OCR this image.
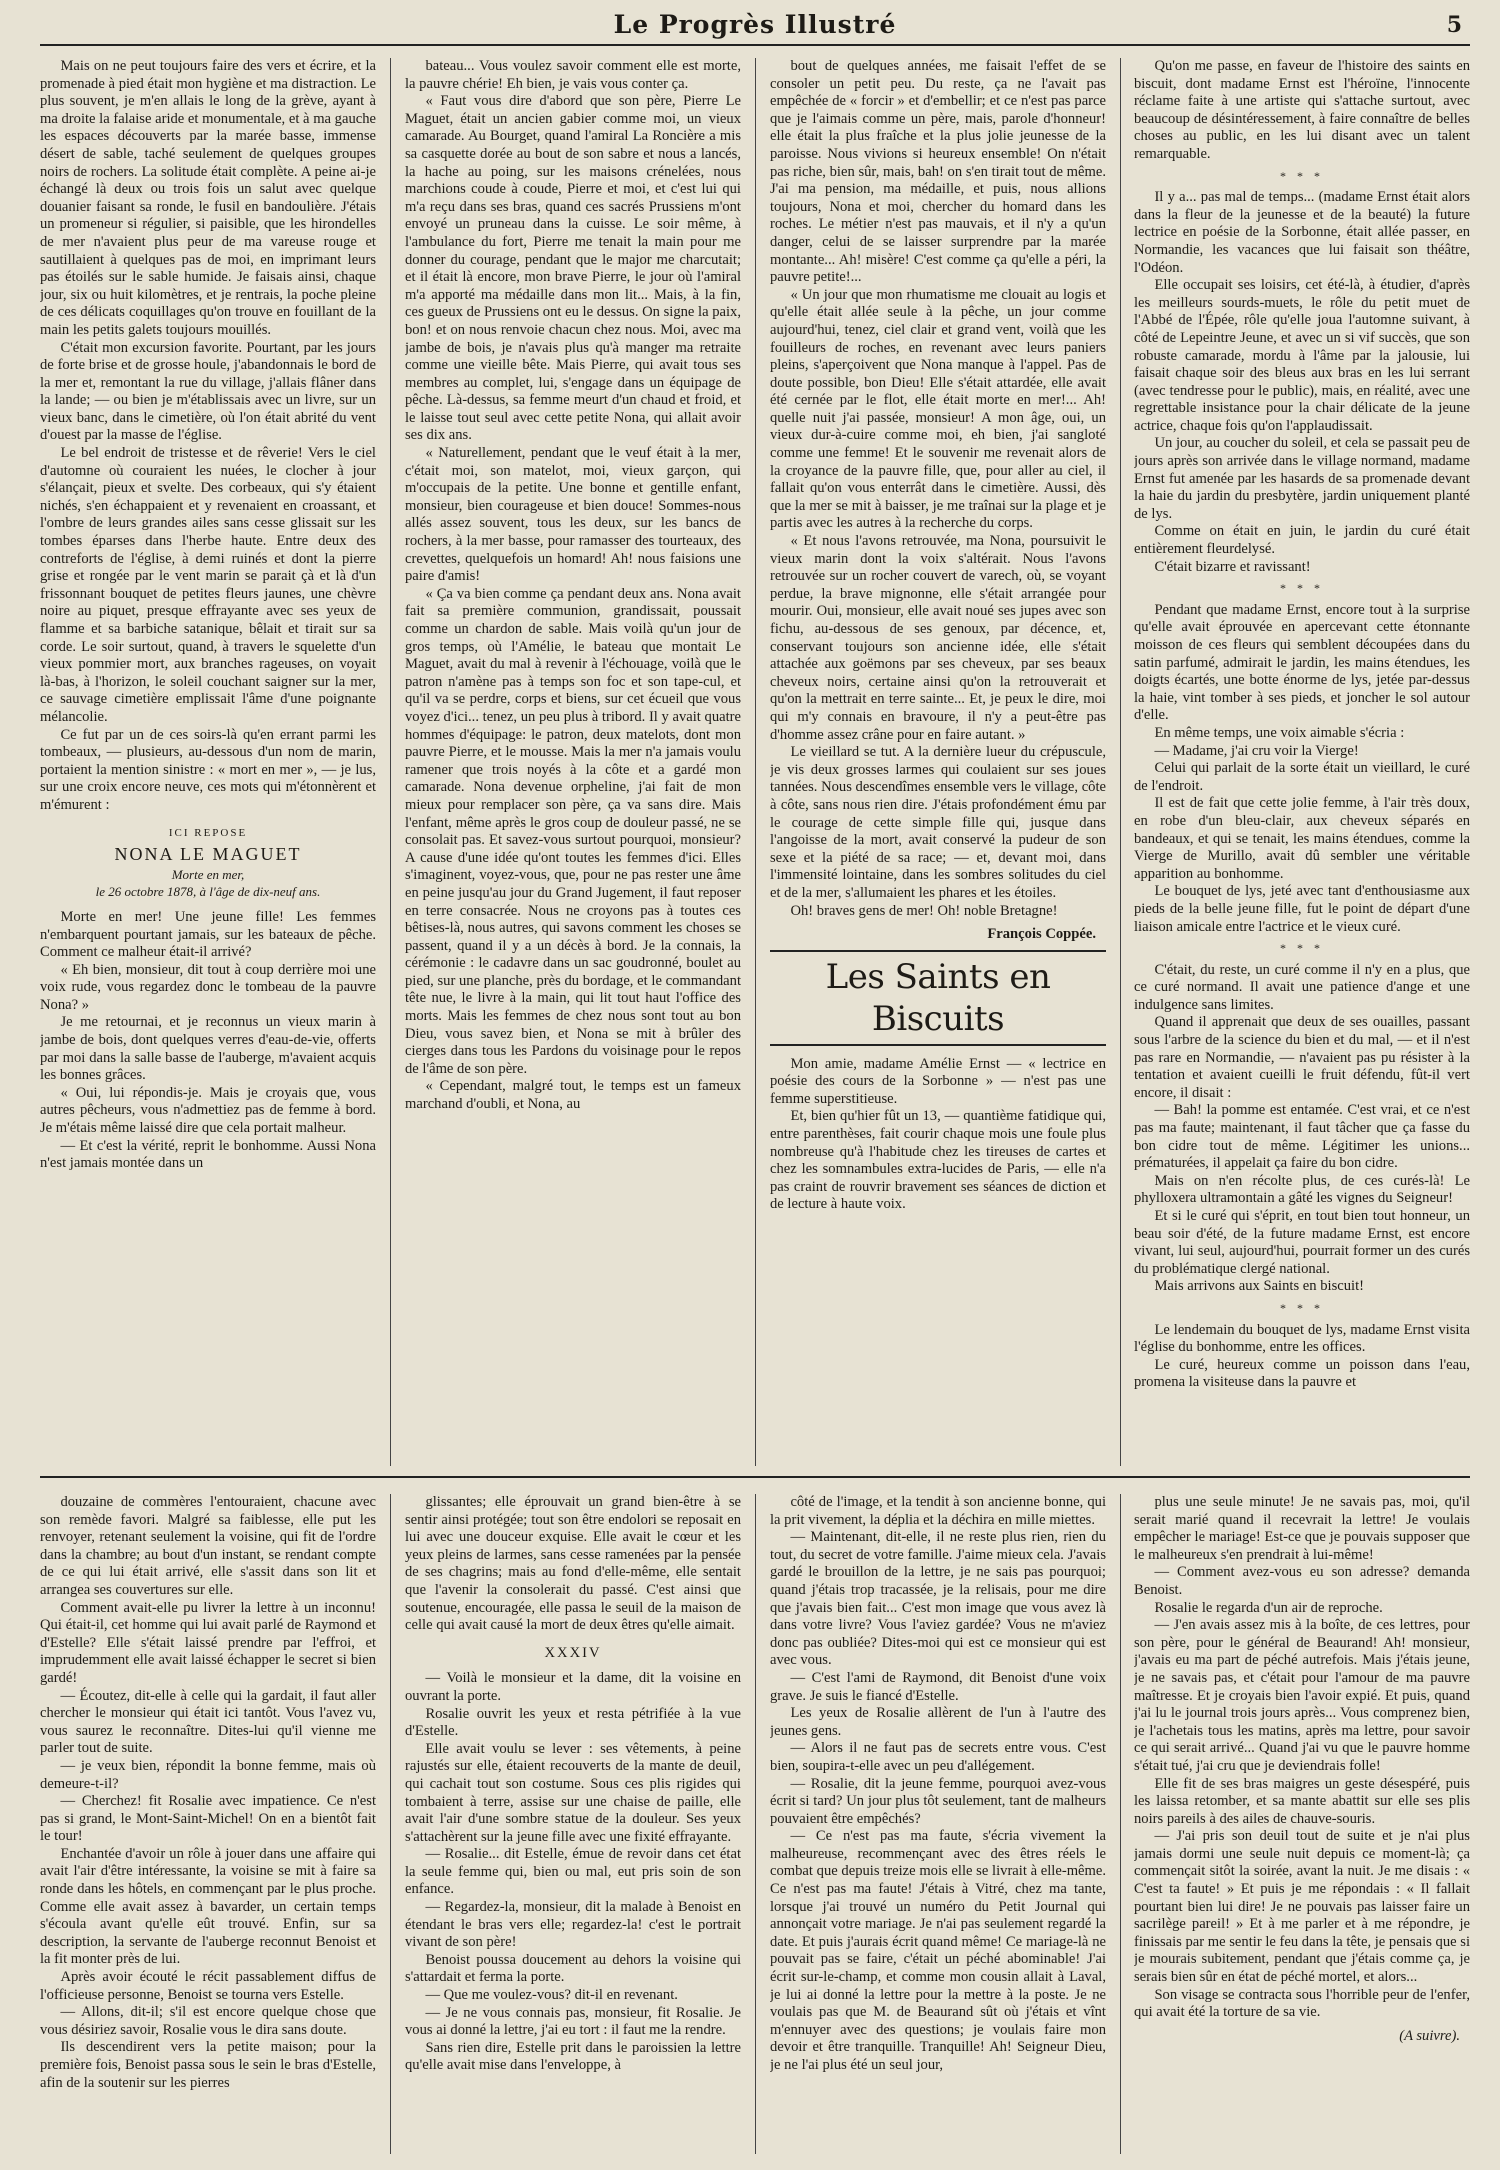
Le Progrès Illustré	5

Mais on ne peut toujours faire des vers et écrire, et la promenade à pied était mon hygiène et ma distraction. Le plus souvent, je m'en allais le long de la grève, ayant à ma droite la falaise aride et monumentale, et à ma gauche les espaces découverts par la marée basse, immense désert de sable, taché seulement de quelques groupes noirs de rochers. La solitude était complète. A peine ai-je échangé là deux ou trois fois un salut avec quelque douanier faisant sa ronde, le fusil en bandoulière. J'étais un promeneur si régulier, si paisible, que les hirondelles de mer n'avaient plus peur de ma vareuse rouge et sautillaient à quelques pas de moi, en imprimant leurs pas étoilés sur le sable humide. Je faisais ainsi, chaque jour, six ou huit kilomètres, et je rentrais, la poche pleine de ces délicats coquillages qu'on trouve en fouillant de la main les petits galets toujours mouillés.

C'était mon excursion favorite. Pourtant, par les jours de forte brise et de grosse houle, j'abandonnais le bord de la mer et, remontant la rue du village, j'allais flâner dans la lande; — ou bien je m'établissais avec un livre, sur un vieux banc, dans le cimetière, où l'on était abrité du vent d'ouest par la masse de l'église.

Le bel endroit de tristesse et de rêverie! Vers le ciel d'automne où couraient les nuées, le clocher à jour s'élançait, pieux et svelte. Des corbeaux, qui s'y étaient nichés, s'en échappaient et y revenaient en croassant, et l'ombre de leurs grandes ailes sans cesse glissait sur les tombes éparses dans l'herbe haute. Entre deux des contreforts de l'église, à demi ruinés et dont la pierre grise et rongée par le vent marin se parait çà et là d'un frissonnant bouquet de petites fleurs jaunes, une chèvre noire au piquet, presque effrayante avec ses yeux de flamme et sa barbiche satanique, bêlait et tirait sur sa corde. Le soir surtout, quand, à travers le squelette d'un vieux pommier mort, aux branches rageuses, on voyait là-bas, à l'horizon, le soleil couchant saigner sur la mer, ce sauvage cimetière emplissait l'âme d'une poignante mélancolie.

Ce fut par un de ces soirs-là qu'en errant parmi les tombeaux, — plusieurs, au-dessous d'un nom de marin, portaient la mention sinistre : « mort en mer », — je lus, sur une croix encore neuve, ces mots qui m'étonnèrent et m'émurent :

ICI REPOSE
NONA LE MAGUET
Morte en mer,
le 26 octobre 1878, à l'âge de dix-neuf ans.

Morte en mer! Une jeune fille! Les femmes n'embarquent pourtant jamais, sur les bateaux de pêche. Comment ce malheur était-il arrivé?

« Eh bien, monsieur, dit tout à coup derrière moi une voix rude, vous regardez donc le tombeau de la pauvre Nona? »

Je me retournai, et je reconnus un vieux marin à jambe de bois, dont quelques verres d'eau-de-vie, offerts par moi dans la salle basse de l'auberge, m'avaient acquis les bonnes grâces.

« Oui, lui répondis-je. Mais je croyais que, vous autres pêcheurs, vous n'admettiez pas de femme à bord. Je m'étais même laissé dire que cela portait malheur.

— Et c'est la vérité, reprit le bonhomme. Aussi Nona n'est jamais montée dans un

bateau... Vous voulez savoir comment elle est morte, la pauvre chérie! Eh bien, je vais vous conter ça.

« Faut vous dire d'abord que son père, Pierre Le Maguet, était un ancien gabier comme moi, un vieux camarade. Au Bourget, quand l'amiral La Roncière a mis sa casquette dorée au bout de son sabre et nous a lancés, la hache au poing, sur les maisons crénelées, nous marchions coude à coude, Pierre et moi, et c'est lui qui m'a reçu dans ses bras, quand ces sacrés Prussiens m'ont envoyé un pruneau dans la cuisse. Le soir même, à l'ambulance du fort, Pierre me tenait la main pour me donner du courage, pendant que le major me charcutait; et il était là encore, mon brave Pierre, le jour où l'amiral m'a apporté ma médaille dans mon lit... Mais, à la fin, ces gueux de Prussiens ont eu le dessus. On signe la paix, bon! et on nous renvoie chacun chez nous. Moi, avec ma jambe de bois, je n'avais plus qu'à manger ma retraite comme une vieille bête. Mais Pierre, qui avait tous ses membres au complet, lui, s'engage dans un équipage de pêche. Là-dessus, sa femme meurt d'un chaud et froid, et le laisse tout seul avec cette petite Nona, qui allait avoir ses dix ans.

« Naturellement, pendant que le veuf était à la mer, c'était moi, son matelot, moi, vieux garçon, qui m'occupais de la petite. Une bonne et gentille enfant, monsieur, bien courageuse et bien douce! Sommes-nous allés assez souvent, tous les deux, sur les bancs de rochers, à la mer basse, pour ramasser des tourteaux, des crevettes, quelquefois un homard! Ah! nous faisions une paire d'amis!

« Ça va bien comme ça pendant deux ans. Nona avait fait sa première communion, grandissait, poussait comme un chardon de sable. Mais voilà qu'un jour de gros temps, où l'Amélie, le bateau que montait Le Maguet, avait du mal à revenir à l'échouage, voilà que le patron n'amène pas à temps son foc et son tape-cul, et qu'il va se perdre, corps et biens, sur cet écueil que vous voyez d'ici... tenez, un peu plus à tribord. Il y avait quatre hommes d'équipage: le patron, deux matelots, dont mon pauvre Pierre, et le mousse. Mais la mer n'a jamais voulu ramener que trois noyés à la côte et a gardé mon camarade. Nona devenue orpheline, j'ai fait de mon mieux pour remplacer son père, ça va sans dire. Mais l'enfant, même après le gros coup de douleur passé, ne se consolait pas. Et savez-vous surtout pourquoi, monsieur? A cause d'une idée qu'ont toutes les femmes d'ici. Elles s'imaginent, voyez-vous, que, pour ne pas rester une âme en peine jusqu'au jour du Grand Jugement, il faut reposer en terre consacrée. Nous ne croyons pas à toutes ces bêtises-là, nous autres, qui savons comment les choses se passent, quand il y a un décès à bord. Je la connais, la cérémonie : le cadavre dans un sac goudronné, boulet au pied, sur une planche, près du bordage, et le commandant tête nue, le livre à la main, qui lit tout haut l'office des morts. Mais les femmes de chez nous sont tout au bon Dieu, vous savez bien, et Nona se mit à brûler des cierges dans tous les Pardons du voisinage pour le repos de l'âme de son père.

« Cependant, malgré tout, le temps est un fameux marchand d'oubli, et Nona, au

bout de quelques années, me faisait l'effet de se consoler un petit peu. Du reste, ça ne l'avait pas empêchée de « forcir » et d'embellir; et ce n'est pas parce que je l'aimais comme un père, mais, parole d'honneur! elle était la plus fraîche et la plus jolie jeunesse de la paroisse. Nous vivions si heureux ensemble! On n'était pas riche, bien sûr, mais, bah! on s'en tirait tout de même. J'ai ma pension, ma médaille, et puis, nous allions toujours, Nona et moi, chercher du homard dans les roches. Le métier n'est pas mauvais, et il n'y a qu'un danger, celui de se laisser surprendre par la marée montante... Ah! misère! C'est comme ça qu'elle a péri, la pauvre petite!...

« Un jour que mon rhumatisme me clouait au logis et qu'elle était allée seule à la pêche, un jour comme aujourd'hui, tenez, ciel clair et grand vent, voilà que les fouilleurs de roches, en revenant avec leurs paniers pleins, s'aperçoivent que Nona manque à l'appel. Pas de doute possible, bon Dieu! Elle s'était attardée, elle avait été cernée par le flot, elle était morte en mer!... Ah! quelle nuit j'ai passée, monsieur! A mon âge, oui, un vieux dur-à-cuire comme moi, eh bien, j'ai sangloté comme une femme! Et le souvenir me revenait alors de la croyance de la pauvre fille, que, pour aller au ciel, il fallait qu'on vous enterrât dans le cimetière. Aussi, dès que la mer se mit à baisser, je me traînai sur la plage et je partis avec les autres à la recherche du corps.

« Et nous l'avons retrouvée, ma Nona, poursuivit le vieux marin dont la voix s'altérait. Nous l'avons retrouvée sur un rocher couvert de varech, où, se voyant perdue, la brave mignonne, elle s'était arrangée pour mourir. Oui, monsieur, elle avait noué ses jupes avec son fichu, au-dessous de ses genoux, par décence, et, conservant toujours son ancienne idée, elle s'était attachée aux goëmons par ses cheveux, par ses beaux cheveux noirs, certaine ainsi qu'on la retrouverait et qu'on la mettrait en terre sainte... Et, je peux le dire, moi qui m'y connais en bravoure, il n'y a peut-être pas d'homme assez crâne pour en faire autant. »

Le vieillard se tut. A la dernière lueur du crépuscule, je vis deux grosses larmes qui coulaient sur ses joues tannées. Nous descendîmes ensemble vers le village, côte à côte, sans nous rien dire. J'étais profondément ému par le courage de cette simple fille qui, jusque dans l'angoisse de la mort, avait conservé la pudeur de son sexe et la piété de sa race; — et, devant moi, dans l'immensité lointaine, dans les sombres solitudes du ciel et de la mer, s'allumaient les phares et les étoiles.

Oh! braves gens de mer! Oh! noble Bretagne!

François Coppée.
Les Saints en Biscuits

Mon amie, madame Amélie Ernst — « lectrice en poésie des cours de la Sorbonne » — n'est pas une femme superstitieuse.

Et, bien qu'hier fût un 13, — quantième fatidique qui, entre parenthèses, fait courir chaque mois une foule plus nombreuse qu'à l'habitude chez les tireuses de cartes et chez les somnambules extra-lucides de Paris, — elle n'a pas craint de rouvrir bravement ses séances de diction et de lecture à haute voix.

Qu'on me passe, en faveur de l'histoire des saints en biscuit, dont madame Ernst est l'héroïne, l'innocente réclame faite à une artiste qui s'attache surtout, avec beaucoup de désintéressement, à faire connaître de belles choses au public, en les lui disant avec un talent remarquable.

* * *

Il y a... pas mal de temps... (madame Ernst était alors dans la fleur de la jeunesse et de la beauté) la future lectrice en poésie de la Sorbonne, était allée passer, en Normandie, les vacances que lui faisait son théâtre, l'Odéon.

Elle occupait ses loisirs, cet été-là, à étudier, d'après les meilleurs sourds-muets, le rôle du petit muet de l'Abbé de l'Épée, rôle qu'elle joua l'automne suivant, à côté de Lepeintre Jeune, et avec un si vif succès, que son robuste camarade, mordu à l'âme par la jalousie, lui faisait chaque soir des bleus aux bras en les lui serrant (avec tendresse pour le public), mais, en réalité, avec une regrettable insistance pour la chair délicate de la jeune actrice, chaque fois qu'on l'applaudissait.

Un jour, au coucher du soleil, et cela se passait peu de jours après son arrivée dans le village normand, madame Ernst fut amenée par les hasards de sa promenade devant la haie du jardin du presbytère, jardin uniquement planté de lys.

Comme on était en juin, le jardin du curé était entièrement fleurdelysé.

C'était bizarre et ravissant!

* * *

Pendant que madame Ernst, encore tout à la surprise qu'elle avait éprouvée en apercevant cette étonnante moisson de ces fleurs qui semblent découpées dans du satin parfumé, admirait le jardin, les mains étendues, les doigts écartés, une botte énorme de lys, jetée par-dessus la haie, vint tomber à ses pieds, et joncher le sol autour d'elle.

En même temps, une voix aimable s'écria :

— Madame, j'ai cru voir la Vierge!

Celui qui parlait de la sorte était un vieillard, le curé de l'endroit.

Il est de fait que cette jolie femme, à l'air très doux, en robe d'un bleu-clair, aux cheveux séparés en bandeaux, et qui se tenait, les mains étendues, comme la Vierge de Murillo, avait dû sembler une véritable apparition au bonhomme.

Le bouquet de lys, jeté avec tant d'enthousiasme aux pieds de la belle jeune fille, fut le point de départ d'une liaison amicale entre l'actrice et le vieux curé.

* * *

C'était, du reste, un curé comme il n'y en a plus, que ce curé normand. Il avait une patience d'ange et une indulgence sans limites.

Quand il apprenait que deux de ses ouailles, passant sous l'arbre de la science du bien et du mal, — et il n'est pas rare en Normandie, — n'avaient pas pu résister à la tentation et avaient cueilli le fruit défendu, fût-il vert encore, il disait :

— Bah! la pomme est entamée. C'est vrai, et ce n'est pas ma faute; maintenant, il faut tâcher que ça fasse du bon cidre tout de même. Légitimer les unions... prématurées, il appelait ça faire du bon cidre.

Mais on n'en récolte plus, de ces curés-là! Le phylloxera ultramontain a gâté les vignes du Seigneur!

Et si le curé qui s'éprit, en tout bien tout honneur, un beau soir d'été, de la future madame Ernst, est encore vivant, lui seul, aujourd'hui, pourrait former un des curés du problématique clergé national.

Mais arrivons aux Saints en biscuit!

* * *

Le lendemain du bouquet de lys, madame Ernst visita l'église du bonhomme, entre les offices.

Le curé, heureux comme un poisson dans l'eau, promena la visiteuse dans la pauvre et

douzaine de commères l'entouraient, chacune avec son remède favori. Malgré sa faiblesse, elle put les renvoyer, retenant seulement la voisine, qui fit de l'ordre dans la chambre; au bout d'un instant, se rendant compte de ce qui lui était arrivé, elle s'assit dans son lit et arrangea ses couvertures sur elle.

Comment avait-elle pu livrer la lettre à un inconnu! Qui était-il, cet homme qui lui avait parlé de Raymond et d'Estelle? Elle s'était laissé prendre par l'effroi, et imprudemment elle avait laissé échapper le secret si bien gardé!

— Écoutez, dit-elle à celle qui la gardait, il faut aller chercher le monsieur qui était ici tantôt. Vous l'avez vu, vous saurez le reconnaître. Dites-lui qu'il vienne me parler tout de suite.

— je veux bien, répondit la bonne femme, mais où demeure-t-il?

— Cherchez! fit Rosalie avec impatience. Ce n'est pas si grand, le Mont-Saint-Michel! On en a bientôt fait le tour!

Enchantée d'avoir un rôle à jouer dans une affaire qui avait l'air d'être intéressante, la voisine se mit à faire sa ronde dans les hôtels, en commençant par le plus proche. Comme elle avait assez à bavarder, un certain temps s'écoula avant qu'elle eût trouvé. Enfin, sur sa description, la servante de l'auberge reconnut Benoist et la fit monter près de lui.

Après avoir écouté le récit passablement diffus de l'officieuse personne, Benoist se tourna vers Estelle.

— Allons, dit-il; s'il est encore quelque chose que vous désiriez savoir, Rosalie vous le dira sans doute.

Ils descendirent vers la petite maison; pour la première fois, Benoist passa sous le sein le bras d'Estelle, afin de la soutenir sur les pierres

glissantes; elle éprouvait un grand bien-être à se sentir ainsi protégée; tout son être endolori se reposait en lui avec une douceur exquise. Elle avait le cœur et les yeux pleins de larmes, sans cesse ramenées par la pensée de ses chagrins; mais au fond d'elle-même, elle sentait que l'avenir la consolerait du passé. C'est ainsi que soutenue, encouragée, elle passa le seuil de la maison de celle qui avait causé la mort de deux êtres qu'elle aimait.

XXXIV

— Voilà le monsieur et la dame, dit la voisine en ouvrant la porte.

Rosalie ouvrit les yeux et resta pétrifiée à la vue d'Estelle.

Elle avait voulu se lever : ses vêtements, à peine rajustés sur elle, étaient recouverts de la mante de deuil, qui cachait tout son costume. Sous ces plis rigides qui tombaient à terre, assise sur une chaise de paille, elle avait l'air d'une sombre statue de la douleur. Ses yeux s'attachèrent sur la jeune fille avec une fixité effrayante.

— Rosalie... dit Estelle, émue de revoir dans cet état la seule femme qui, bien ou mal, eut pris soin de son enfance.

— Regardez-la, monsieur, dit la malade à Benoist en étendant le bras vers elle; regardez-la! c'est le portrait vivant de son père!

Benoist poussa doucement au dehors la voisine qui s'attardait et ferma la porte.

— Que me voulez-vous? dit-il en revenant.

— Je ne vous connais pas, monsieur, fit Rosalie. Je vous ai donné la lettre, j'ai eu tort : il faut me la rendre.

Sans rien dire, Estelle prit dans le paroissien la lettre qu'elle avait mise dans l'enveloppe, à

côté de l'image, et la tendit à son ancienne bonne, qui la prit vivement, la déplia et la déchira en mille miettes.

— Maintenant, dit-elle, il ne reste plus rien, rien du tout, du secret de votre famille. J'aime mieux cela. J'avais gardé le brouillon de la lettre, je ne sais pas pourquoi; quand j'étais trop tracassée, je la relisais, pour me dire que j'avais bien fait... C'est mon image que vous avez là dans votre livre? Vous l'aviez gardée? Vous ne m'aviez donc pas oubliée? Dites-moi qui est ce monsieur qui est avec vous.

— C'est l'ami de Raymond, dit Benoist d'une voix grave. Je suis le fiancé d'Estelle.

Les yeux de Rosalie allèrent de l'un à l'autre des jeunes gens.

— Alors il ne faut pas de secrets entre vous. C'est bien, soupira-t-elle avec un peu d'allégement.

— Rosalie, dit la jeune femme, pourquoi avez-vous écrit si tard? Un jour plus tôt seulement, tant de malheurs pouvaient être empêchés?

— Ce n'est pas ma faute, s'écria vivement la malheureuse, recommençant avec des êtres réels le combat que depuis treize mois elle se livrait à elle-même. Ce n'est pas ma faute! J'étais à Vitré, chez ma tante, lorsque j'ai trouvé un numéro du Petit Journal qui annonçait votre mariage. Je n'ai pas seulement regardé la date. Et puis j'aurais écrit quand même! Ce mariage-là ne pouvait pas se faire, c'était un péché abominable! J'ai écrit sur-le-champ, et comme mon cousin allait à Laval, je lui ai donné la lettre pour la mettre à la poste. Je ne voulais pas que M. de Beaurand sût où j'étais et vînt m'ennuyer avec des questions; je voulais faire mon devoir et être tranquille. Tranquille! Ah! Seigneur Dieu, je ne l'ai plus été un seul jour,

plus une seule minute! Je ne savais pas, moi, qu'il serait marié quand il recevrait la lettre! Je voulais empêcher le mariage! Est-ce que je pouvais supposer que le malheureux s'en prendrait à lui-même!

— Comment avez-vous eu son adresse? demanda Benoist.

Rosalie le regarda d'un air de reproche.

— J'en avais assez mis à la boîte, de ces lettres, pour son père, pour le général de Beaurand! Ah! monsieur, j'avais eu ma part de péché autrefois. Mais j'étais jeune, je ne savais pas, et c'était pour l'amour de ma pauvre maîtresse. Et je croyais bien l'avoir expié. Et puis, quand j'ai lu le journal trois jours après... Vous comprenez bien, je l'achetais tous les matins, après ma lettre, pour savoir ce qui serait arrivé... Quand j'ai vu que le pauvre homme s'était tué, j'ai cru que je deviendrais folle!

Elle fit de ses bras maigres un geste désespéré, puis les laissa retomber, et sa mante abattit sur elle ses plis noirs pareils à des ailes de chauve-souris.

— J'ai pris son deuil tout de suite et je n'ai plus jamais dormi une seule nuit depuis ce moment-là; ça commençait sitôt la soirée, avant la nuit. Je me disais : « C'est ta faute! » Et puis je me répondais : « Il fallait pourtant bien lui dire! Je ne pouvais pas laisser faire un sacrilège pareil! » Et à me parler et à me répondre, je finissais par me sentir le feu dans la tête, je pensais que si je mourais subitement, pendant que j'étais comme ça, je serais bien sûr en état de péché mortel, et alors...

Son visage se contracta sous l'horrible peur de l'enfer, qui avait été la torture de sa vie.

(A suivre).
